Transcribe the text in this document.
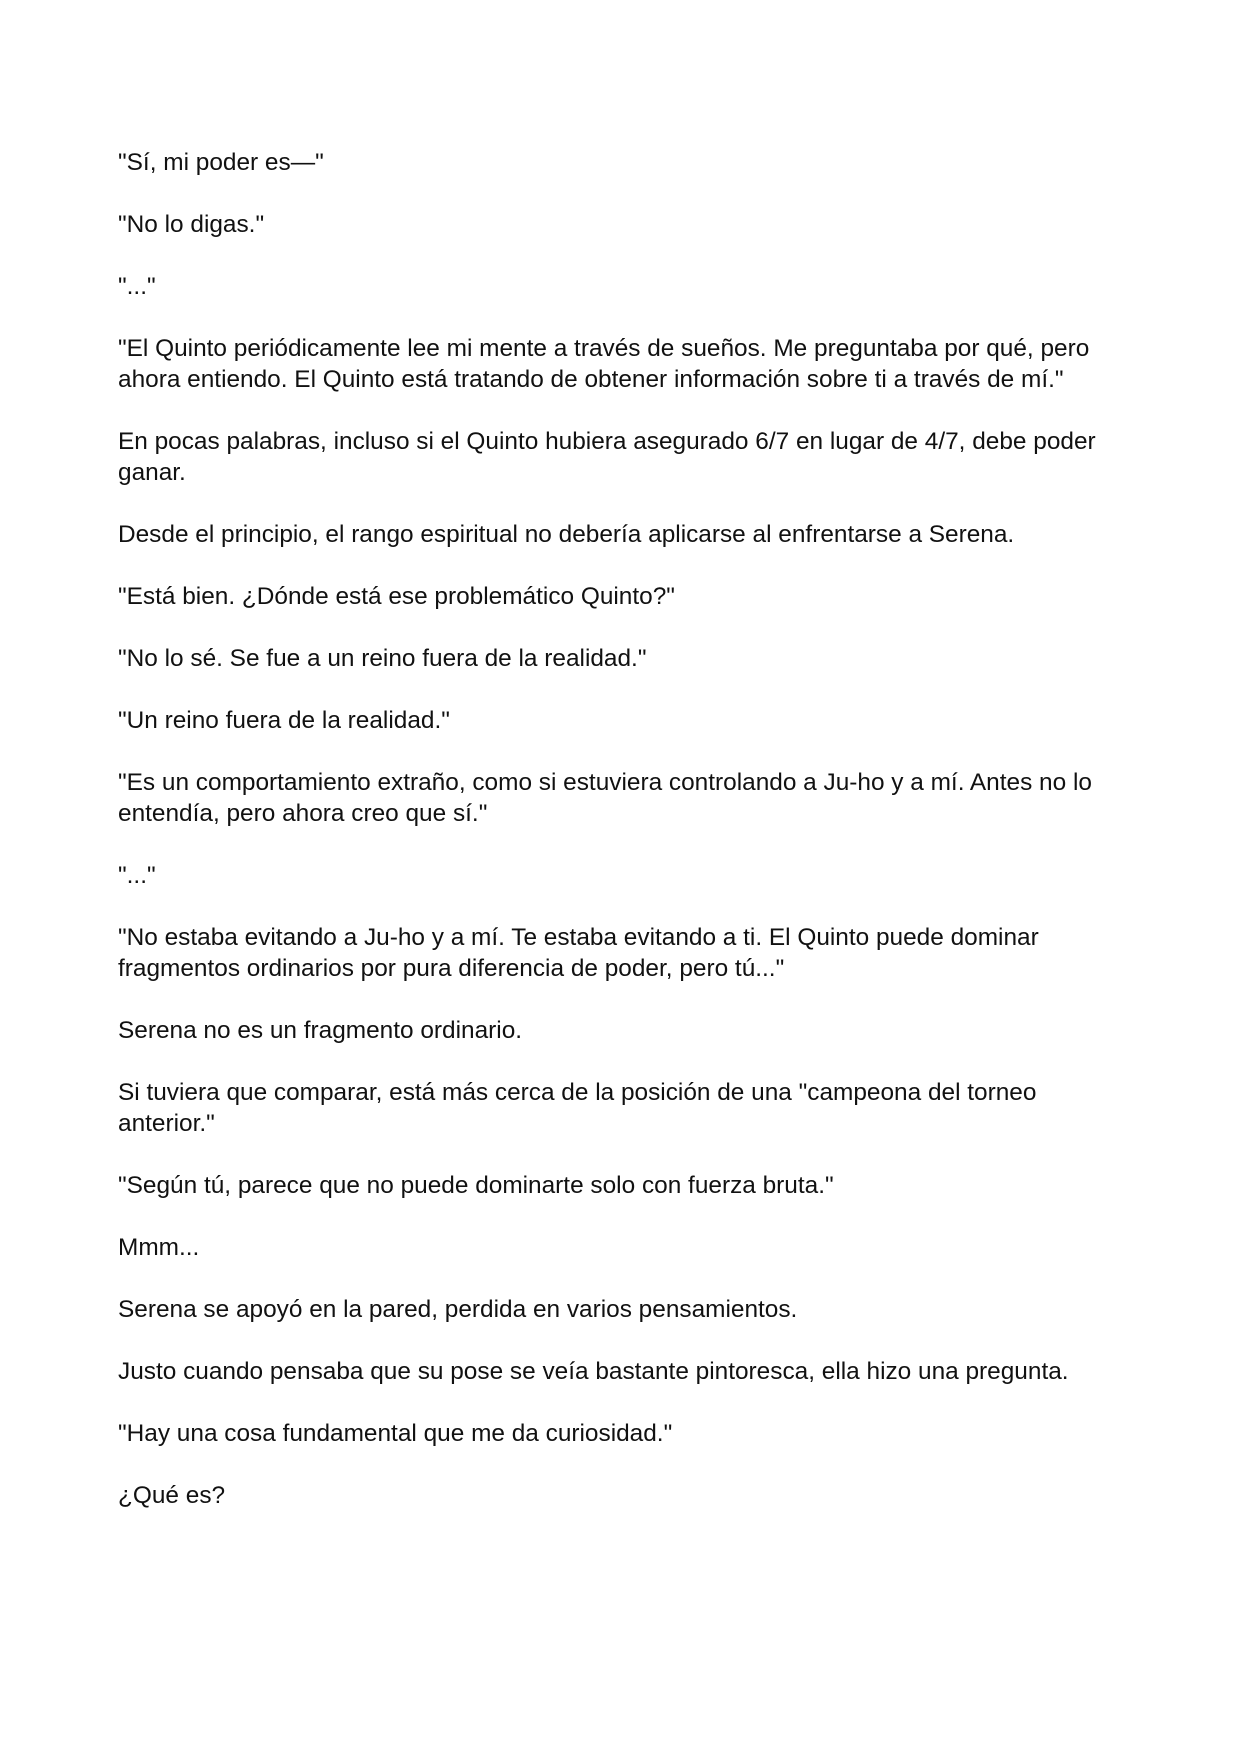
"Sí, mi poder es—"

"No lo digas."

"..."

"El Quinto periódicamente lee mi mente a través de sueños. Me preguntaba por qué, pero ahora entiendo. El Quinto está tratando de obtener información sobre ti a través de mí."

En pocas palabras, incluso si el Quinto hubiera asegurado 6/7 en lugar de 4/7, debe poder ganar.

Desde el principio, el rango espiritual no debería aplicarse al enfrentarse a Serena.

"Está bien. ¿Dónde está ese problemático Quinto?"

"No lo sé. Se fue a un reino fuera de la realidad."

"Un reino fuera de la realidad."

"Es un comportamiento extraño, como si estuviera controlando a Ju-ho y a mí. Antes no lo entendía, pero ahora creo que sí."

"..."

"No estaba evitando a Ju-ho y a mí. Te estaba evitando a ti. El Quinto puede dominar fragmentos ordinarios por pura diferencia de poder, pero tú..."

Serena no es un fragmento ordinario.

Si tuviera que comparar, está más cerca de la posición de una "campeona del torneo anterior."

"Según tú, parece que no puede dominarte solo con fuerza bruta."

Mmm...

Serena se apoyó en la pared, perdida en varios pensamientos.

Justo cuando pensaba que su pose se veía bastante pintoresca, ella hizo una pregunta.

"Hay una cosa fundamental que me da curiosidad."

¿Qué es?
